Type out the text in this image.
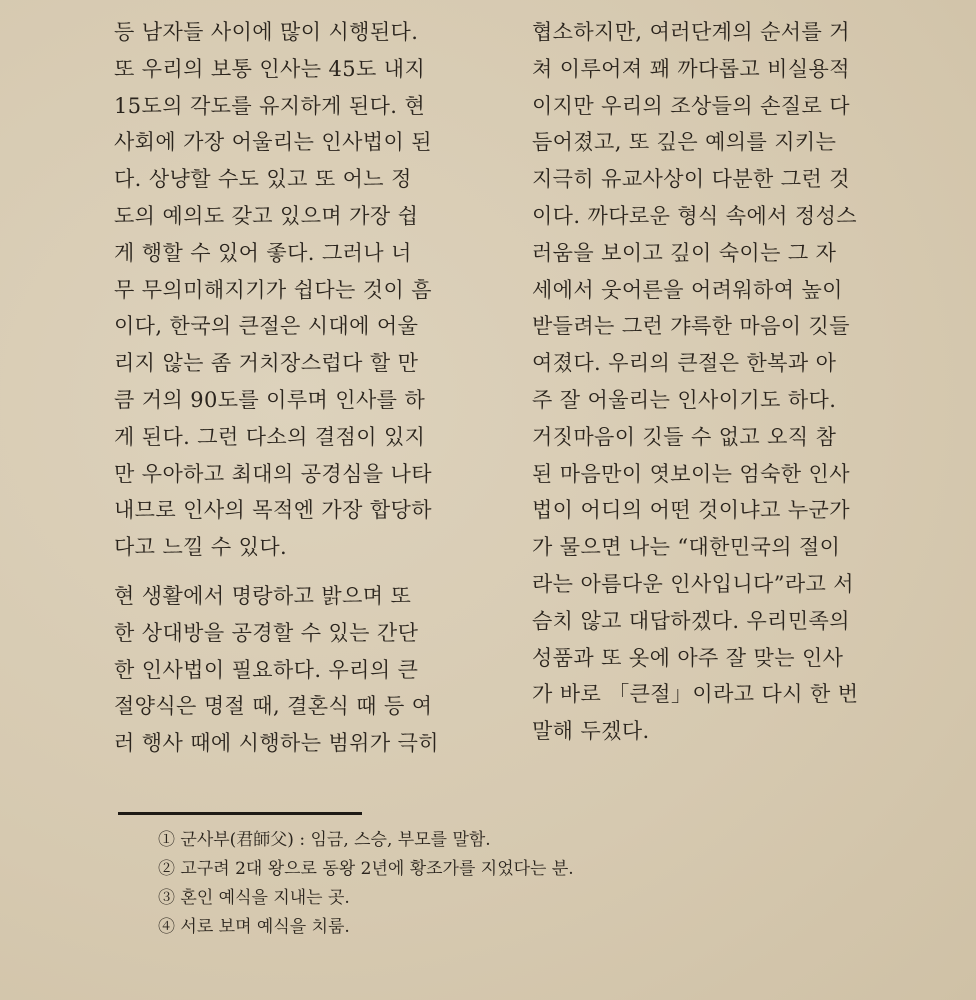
등 남자들 사이에 많이 시행된다.
또 우리의 보통 인사는 45도 내지
15도의 각도를 유지하게 된다. 현
사회에 가장 어울리는 인사법이 된
다. 상냥할 수도 있고 또 어느 정
도의 예의도 갖고 있으며 가장 쉽
게 행할 수 있어 좋다. 그러나 너
무 무의미해지기가 쉽다는 것이 흠
이다, 한국의 큰절은 시대에 어울
리지 않는 좀 거치장스럽다 할 만
큼 거의 90도를 이루며 인사를 하
게 된다. 그런 다소의 결점이 있지
만 우아하고 최대의 공경심을 나타
내므로 인사의 목적엔 가장 합당하
다고 느낄 수 있다.
현 생활에서 명랑하고 밝으며 또
한 상대방을 공경할 수 있는 간단
한 인사법이 필요하다. 우리의 큰
절양식은 명절 때, 결혼식 때 등 여
러 행사 때에 시행하는 범위가 극히
협소하지만, 여러단계의 순서를 거
쳐 이루어져 꽤 까다롭고 비실용적
이지만 우리의 조상들의 손질로 다
듬어졌고, 또 깊은 예의를 지키는
지극히 유교사상이 다분한 그런 것
이다. 까다로운 형식 속에서 정성스
러움을 보이고 깊이 숙이는 그 자
세에서 웃어른을 어려워하여 높이
받들려는 그런 갸륵한 마음이 깃들
여졌다. 우리의 큰절은 한복과 아
주 잘 어울리는 인사이기도 하다.
거짓마음이 깃들 수 없고 오직 참
된 마음만이 엿보이는 엄숙한 인사
법이 어디의 어떤 것이냐고 누군가
가 물으면 나는 “대한민국의 절이
라는 아름다운 인사입니다”라고 서
슴치 않고 대답하겠다. 우리민족의
성품과 또 옷에 아주 잘 맞는 인사
가 바로 「큰절」이라고 다시 한 번
말해 두겠다.
① 군사부(君師父) : 임금, 스승, 부모를 말함.
② 고구려 2대 왕으로 동왕 2년에 황조가를 지었다는 분.
③ 혼인 예식을 지내는 곳.
④ 서로 보며 예식을 치룸.
